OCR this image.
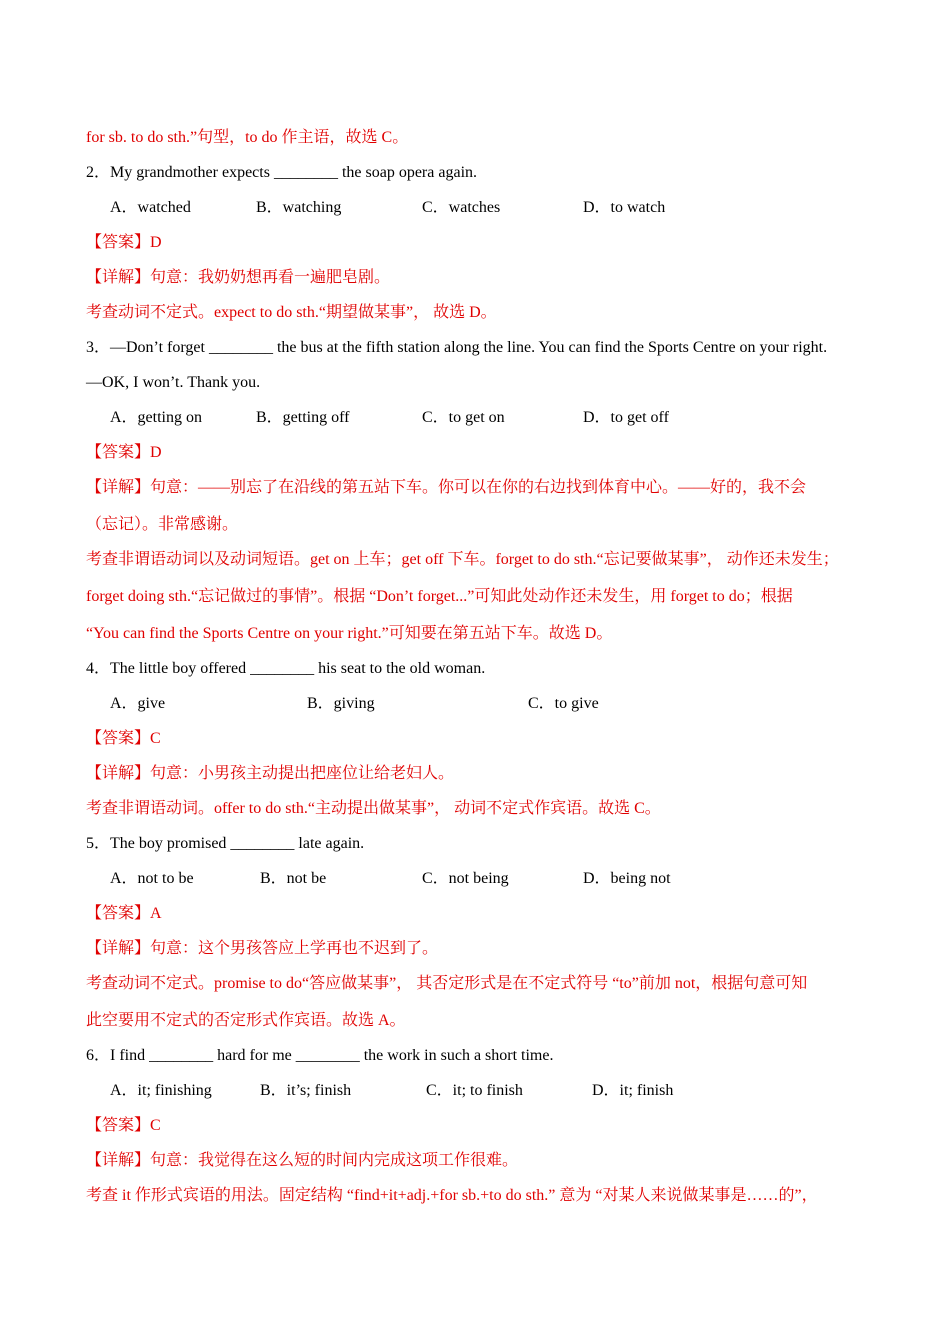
for sb. to do sth.”句型，to do 作主语，故选 C。
2．My grandmother expects ________ the soap opera again.
A．watched	B．watching	C．watches	D．to watch
【答案】D
【详解】句意：我奶奶想再看一遍肥皂剧。
考查动词不定式。expect to do sth.“期望做某事”， 故选 D。
3．—Don’t forget ________ the bus at the fifth station along the line. You can find the Sports Centre on your right.
—OK, I won’t. Thank you.
A．getting on	B．getting off	C．to get on	D．to get off
【答案】D
【详解】句意：——别忘了在沿线的第五站下车。你可以在你的右边找到体育中心。——好的，我不会
（忘记）。非常感谢。
考查非谓语动词以及动词短语。get on 上车；get off 下车。forget to do sth.“忘记要做某事”， 动作还未发生；
forget doing sth.“忘记做过的事情”。根据 “Don’t forget...”可知此处动作还未发生，用 forget to do；根据
“You can find the Sports Centre on your right.”可知要在第五站下车。故选 D。
4．The little boy offered ________ his seat to the old woman.
A．give	B．giving	C．to give
【答案】C
【详解】句意：小男孩主动提出把座位让给老妇人。
考查非谓语动词。offer to do sth.“主动提出做某事”， 动词不定式作宾语。故选 C。
5．The boy promised ________ late again.
A．not to be	B．not be	C．not being	D．being not
【答案】A
【详解】句意：这个男孩答应上学再也不迟到了。
考查动词不定式。promise to do“答应做某事”， 其否定形式是在不定式符号 “to”前加 not，根据句意可知
此空要用不定式的否定形式作宾语。故选 A。
6．I find ________ hard for me ________ the work in such a short time.
A．it; finishing	B．it’s; finish	C．it; to finish	D．it; finish
【答案】C
【详解】句意：我觉得在这么短的时间内完成这项工作很难。
考查 it 作形式宾语的用法。固定结构 “find+it+adj.+for sb.+to do sth.” 意为 “对某人来说做某事是……的”，
